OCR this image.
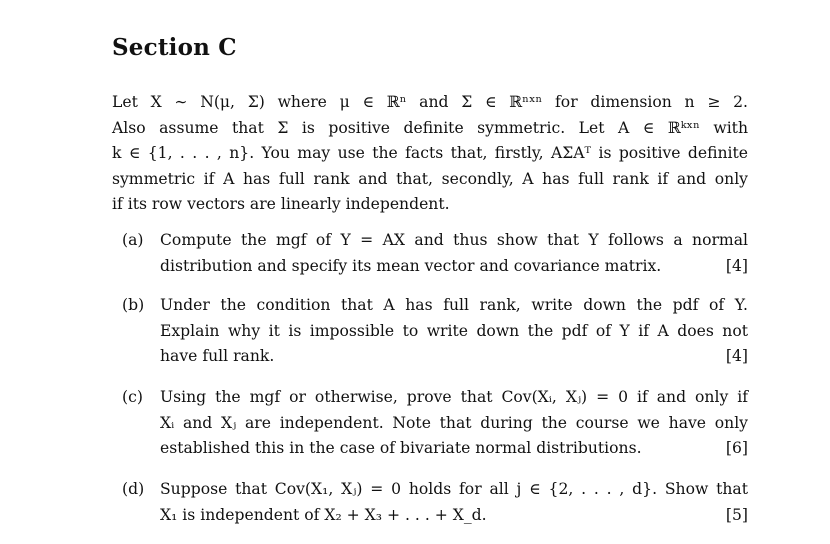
Section C
Let X ∼ N(μ, Σ) where μ ∈ ℝⁿ and Σ ∈ ℝⁿˣⁿ for dimension n ≥ 2.
Also assume that Σ is positive definite symmetric. Let A ∈ ℝᵏˣⁿ with
k ∈ {1, . . . , n}. You may use the facts that, firstly, AΣAᵀ is positive definite
symmetric if A has full rank and that, secondly, A has full rank if and only
if its row vectors are linearly independent.
(a) Compute the mgf of Y = AX and thus show that Y follows a normal
distribution and specify its mean vector and covariance matrix.	[4]
(b) Under the condition that A has full rank, write down the pdf of Y.
Explain why it is impossible to write down the pdf of Y if A does not
have full rank.	[4]
(c) Using the mgf or otherwise, prove that Cov(Xᵢ, Xⱼ) = 0 if and only if
Xᵢ and Xⱼ are independent. Note that during the course we have only
established this in the case of bivariate normal distributions.	[6]
(d) Suppose that Cov(X₁, Xⱼ) = 0 holds for all j ∈ {2, . . . , d}. Show that
X₁ is independent of X₂ + X₃ + . . . + X_d.	[5]
